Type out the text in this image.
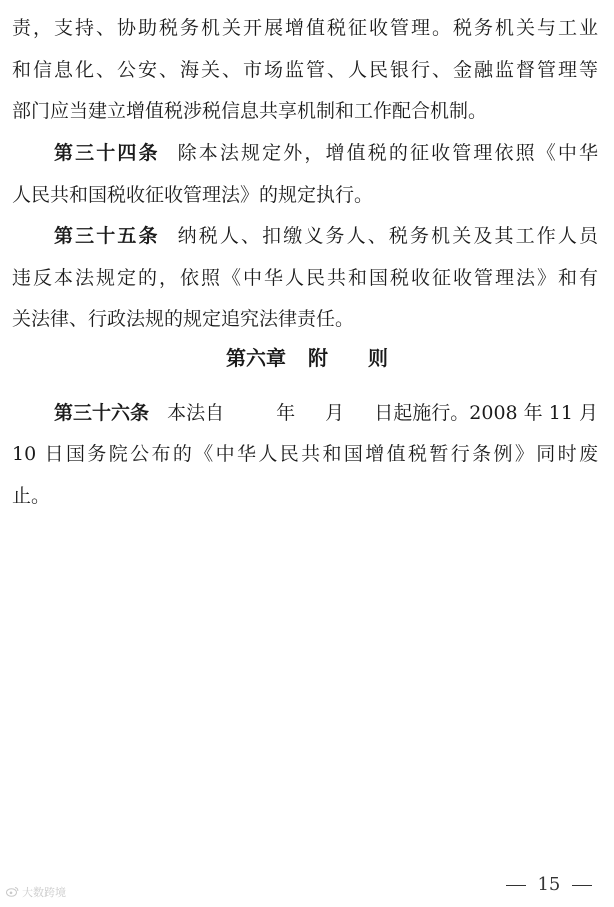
责，支持、协助税务机关开展增值税征收管理。税务机关与工业
和信息化、公安、海关、市场监管、人民银行、金融监督管理等
部门应当建立增值税涉税信息共享机制和工作配合机制。
第三十四条 除本法规定外，增值税的征收管理依照《中华
人民共和国税收征收管理法》的规定执行。
第三十五条 纳税人、扣缴义务人、税务机关及其工作人员
违反本法规定的，依照《中华人民共和国税收征收管理法》和有
关法律、行政法规的规定追究法律责任。
第六章 附 则
第三十六条 本法自	年 月 日起施行。2008 年 11 月
10 日国务院公布的《中华人民共和国增值税暂行条例》同时废
止。
15
大数跨境
